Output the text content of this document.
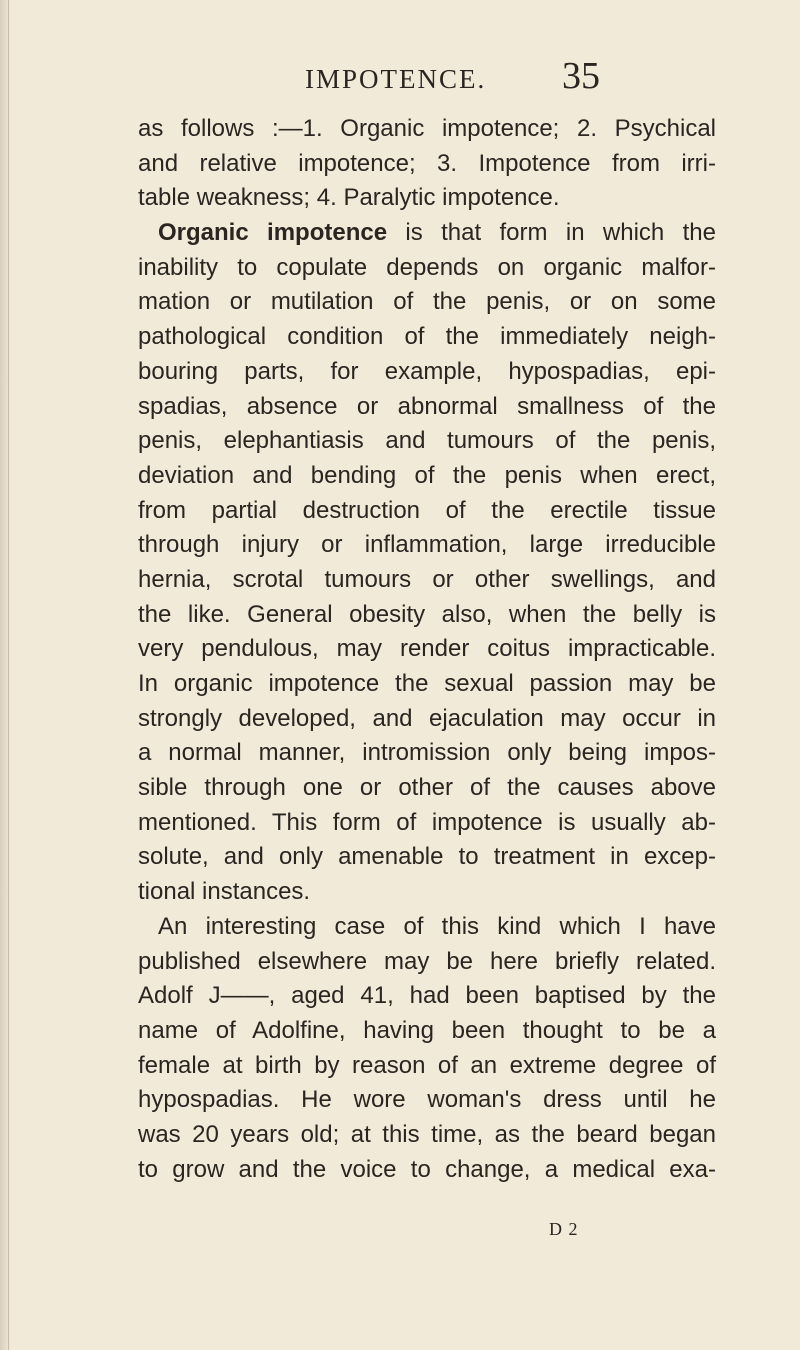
IMPOTENCE. 35
as follows :—1. Organic impotence; 2. Psychical
and relative impotence; 3. Impotence from irri-
table weakness; 4. Paralytic impotence.
Organic impotence is that form in which the
inability to copulate depends on organic malfor-
mation or mutilation of the penis, or on some
pathological condition of the immediately neigh-
bouring parts, for example, hypospadias, epi-
spadias, absence or abnormal smallness of the
penis, elephantiasis and tumours of the penis,
deviation and bending of the penis when erect,
from partial destruction of the erectile tissue
through injury or inflammation, large irreducible
hernia, scrotal tumours or other swellings, and
the like. General obesity also, when the belly is
very pendulous, may render coitus impracticable.
In organic impotence the sexual passion may be
strongly developed, and ejaculation may occur in
a normal manner, intromission only being impos-
sible through one or other of the causes above
mentioned. This form of impotence is usually ab-
solute, and only amenable to treatment in excep-
tional instances.
An interesting case of this kind which I have
published elsewhere may be here briefly related.
Adolf J——, aged 41, had been baptised by the
name of Adolfine, having been thought to be a
female at birth by reason of an extreme degree of
hypospadias. He wore woman's dress until he
was 20 years old; at this time, as the beard began
to grow and the voice to change, a medical exa-
D 2
